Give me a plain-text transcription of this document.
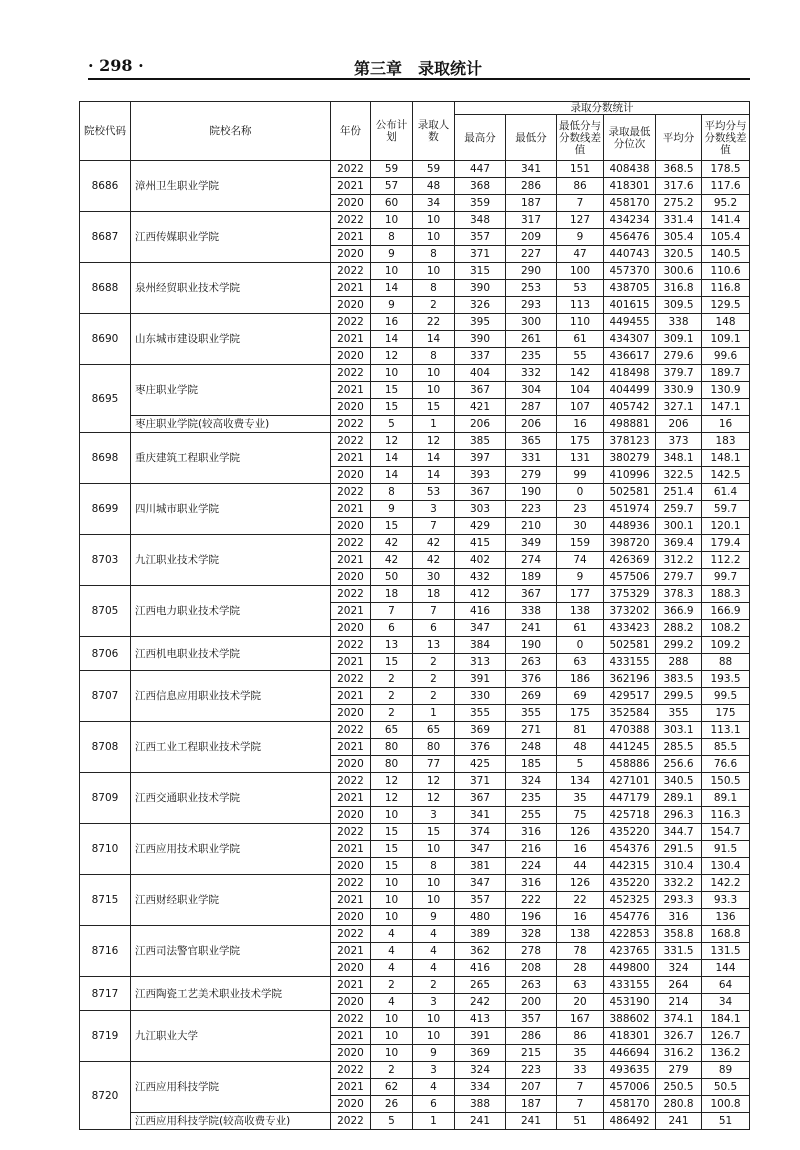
· 298 ·	第三章　录取统计
院校代码	院校名称	年份	公布计划	录取人数	录取分数统计					
					最高分	最低分	最低分与分数线差值	录取最低分位次	平均分	平均分与分数线差值
8686	漳州卫生职业学院	2022	59	59	447	341	151	408438	368.5	178.5
		2021	57	48	368	286	86	418301	317.6	117.6
		2020	60	34	359	187	7	458170	275.2	95.2
8687	江西传媒职业学院	2022	10	10	348	317	127	434234	331.4	141.4
		2021	8	10	357	209	9	456476	305.4	105.4
		2020	9	8	371	227	47	440743	320.5	140.5
8688	泉州经贸职业技术学院	2022	10	10	315	290	100	457370	300.6	110.6
		2021	14	8	390	253	53	438705	316.8	116.8
		2020	9	2	326	293	113	401615	309.5	129.5
8690	山东城市建设职业学院	2022	16	22	395	300	110	449455	338	148
		2021	14	14	390	261	61	434307	309.1	109.1
		2020	12	8	337	235	55	436617	279.6	99.6
8695	枣庄职业学院	2022	10	10	404	332	142	418498	379.7	189.7
		2021	15	10	367	304	104	404499	330.9	130.9
		2020	15	15	421	287	107	405742	327.1	147.1
	枣庄职业学院(较高收费专业)	2022	5	1	206	206	16	498881	206	16
8698	重庆建筑工程职业学院	2022	12	12	385	365	175	378123	373	183
		2021	14	14	397	331	131	380279	348.1	148.1
		2020	14	14	393	279	99	410996	322.5	142.5
8699	四川城市职业学院	2022	8	53	367	190	0	502581	251.4	61.4
		2021	9	3	303	223	23	451974	259.7	59.7
		2020	15	7	429	210	30	448936	300.1	120.1
8703	九江职业技术学院	2022	42	42	415	349	159	398720	369.4	179.4
		2021	42	42	402	274	74	426369	312.2	112.2
		2020	50	30	432	189	9	457506	279.7	99.7
8705	江西电力职业技术学院	2022	18	18	412	367	177	375329	378.3	188.3
		2021	7	7	416	338	138	373202	366.9	166.9
		2020	6	6	347	241	61	433423	288.2	108.2
8706	江西机电职业技术学院	2022	13	13	384	190	0	502581	299.2	109.2
		2021	15	2	313	263	63	433155	288	88
8707	江西信息应用职业技术学院	2022	2	2	391	376	186	362196	383.5	193.5
		2021	2	2	330	269	69	429517	299.5	99.5
		2020	2	1	355	355	175	352584	355	175
8708	江西工业工程职业技术学院	2022	65	65	369	271	81	470388	303.1	113.1
		2021	80	80	376	248	48	441245	285.5	85.5
		2020	80	77	425	185	5	458886	256.6	76.6
8709	江西交通职业技术学院	2022	12	12	371	324	134	427101	340.5	150.5
		2021	12	12	367	235	35	447179	289.1	89.1
		2020	10	3	341	255	75	425718	296.3	116.3
8710	江西应用技术职业学院	2022	15	15	374	316	126	435220	344.7	154.7
		2021	15	10	347	216	16	454376	291.5	91.5
		2020	15	8	381	224	44	442315	310.4	130.4
8715	江西财经职业学院	2022	10	10	347	316	126	435220	332.2	142.2
		2021	10	10	357	222	22	452325	293.3	93.3
		2020	10	9	480	196	16	454776	316	136
8716	江西司法警官职业学院	2022	4	4	389	328	138	422853	358.8	168.8
		2021	4	4	362	278	78	423765	331.5	131.5
		2020	4	4	416	208	28	449800	324	144
8717	江西陶瓷工艺美术职业技术学院	2021	2	2	265	263	63	433155	264	64
		2020	4	3	242	200	20	453190	214	34
8719	九江职业大学	2022	10	10	413	357	167	388602	374.1	184.1
		2021	10	10	391	286	86	418301	326.7	126.7
		2020	10	9	369	215	35	446694	316.2	136.2
8720	江西应用科技学院	2022	2	3	324	223	33	493635	279	89
		2021	62	4	334	207	7	457006	250.5	50.5
		2020	26	6	388	187	7	458170	280.8	100.8
	江西应用科技学院(较高收费专业)	2022	5	1	241	241	51	486492	241	51
